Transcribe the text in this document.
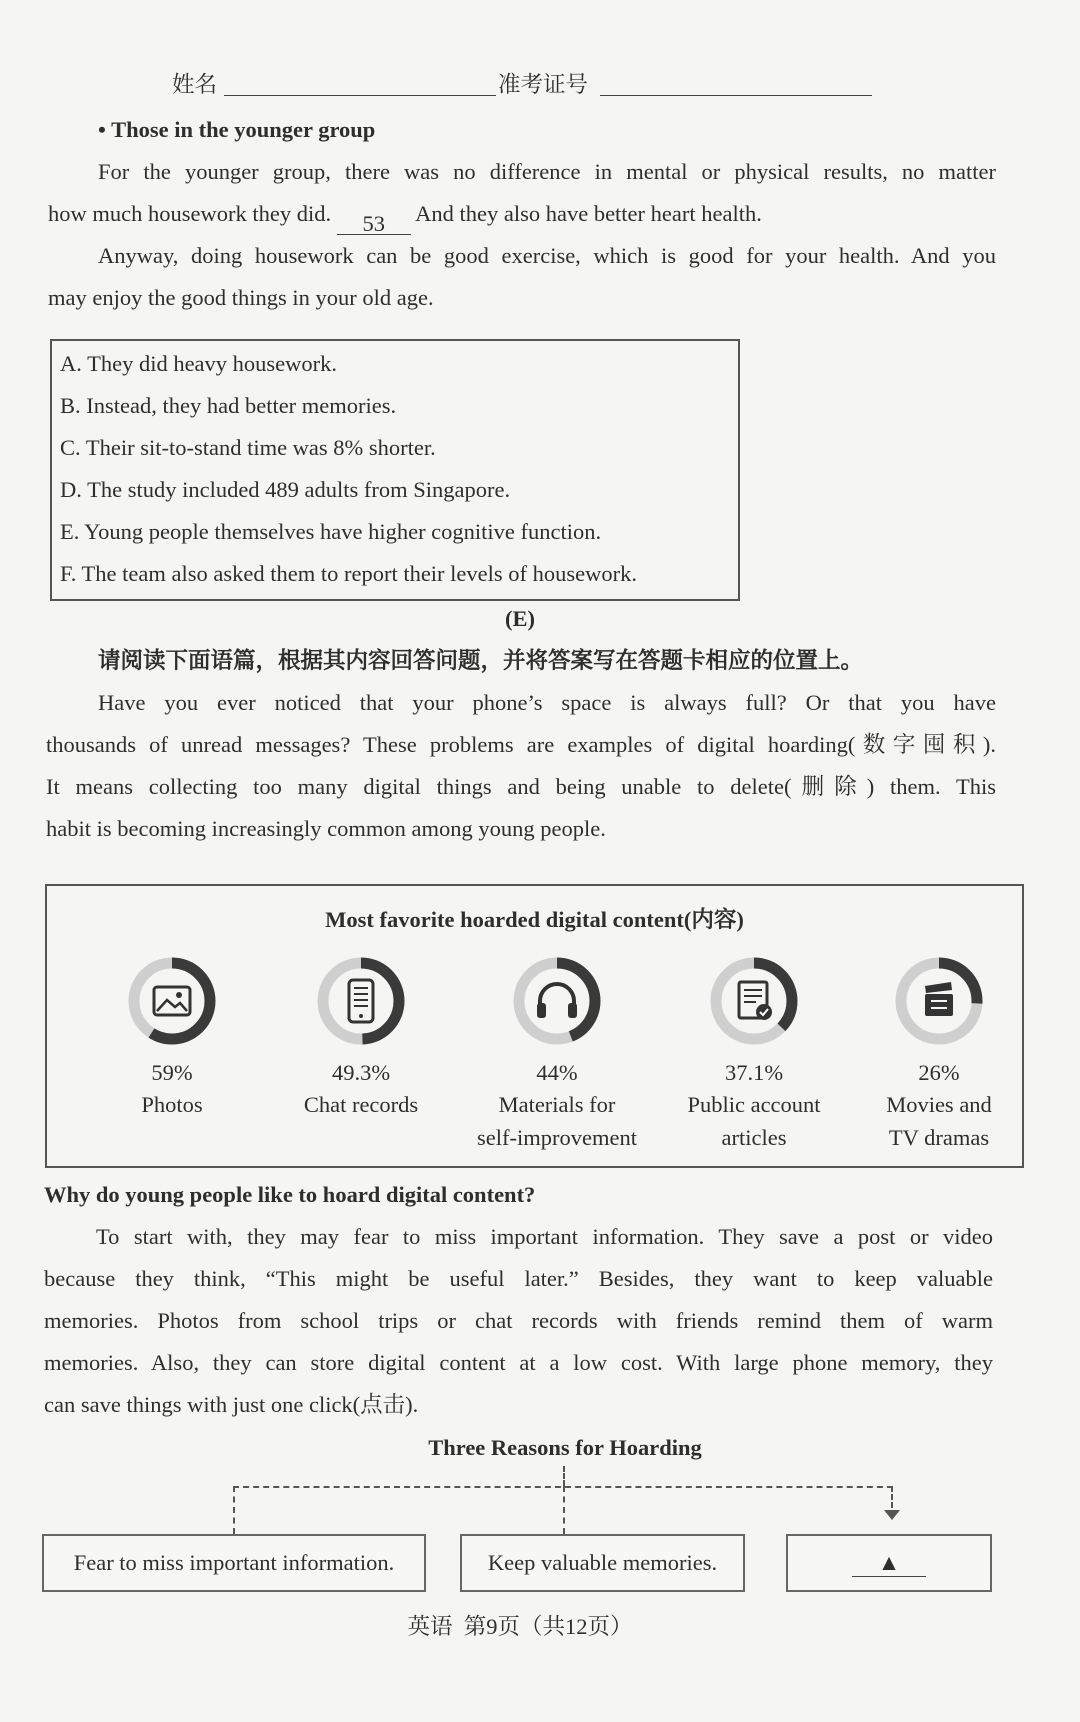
姓名	准考证号
• Those in the younger group
For the younger group, there was no difference in mental or physical results, no matter
how much housework they did. 53 And they also have better heart health.
Anyway, doing housework can be good exercise, which is good for your health. And you
may enjoy the good things in your old age.
A. They did heavy housework.
B. Instead, they had better memories.
C. Their sit-to-stand time was 8% shorter.
D. The study included 489 adults from Singapore.
E. Young people themselves have higher cognitive function.
F. The team also asked them to report their levels of housework.
(E)
请阅读下面语篇，根据其内容回答问题，并将答案写在答题卡相应的位置上。
Have you ever noticed that your phone’s space is always full? Or that you have
thousands of unread messages? These problems are examples of digital hoarding(数字囤积).
It means collecting too many digital things and being unable to delete(删除) them. This
habit is becoming increasingly common among young people.
Most favorite hoarded digital content(内容)
59%
Photos
49.3%
Chat records
44%
Materials for
self-improvement
37.1%
Public account
articles
26%
Movies and
TV dramas
Why do young people like to hoard digital content?
To start with, they may fear to miss important information. They save a post or video
because they think, “This might be useful later.” Besides, they want to keep valuable
memories. Photos from school trips or chat records with friends remind them of warm
memories. Also, they can store digital content at a low cost. With large phone memory, they
can save things with just one click(点击).
Three Reasons for Hoarding
Fear to miss important information.	Keep valuable memories.	▲
英语  第9页（共12页）
